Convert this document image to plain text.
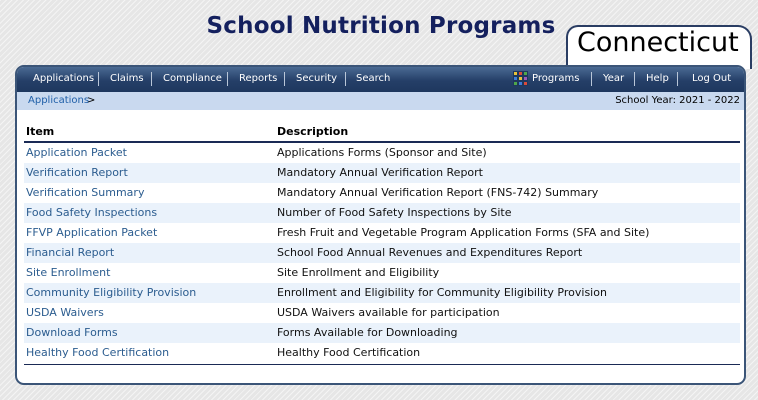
School Nutrition Programs
Connecticut
Applications Claims Compliance Reports Security Search	Programs Year Help Log Out
Applications
>	School Year: 2021 - 2022
Item	Description
Application Packet	Applications Forms (Sponsor and Site)
Verification Report	Mandatory Annual Verification Report
Verification Summary	Mandatory Annual Verification Report (FNS-742) Summary
Food Safety Inspections	Number of Food Safety Inspections by Site
FFVP Application Packet	Fresh Fruit and Vegetable Program Application Forms (SFA and Site)
Financial Report	School Food Annual Revenues and Expenditures Report
Site Enrollment	Site Enrollment and Eligibility
Community Eligibility Provision	Enrollment and Eligibility for Community Eligibility Provision
USDA Waivers	USDA Waivers available for participation
Download Forms	Forms Available for Downloading
Healthy Food Certification	Healthy Food Certification
